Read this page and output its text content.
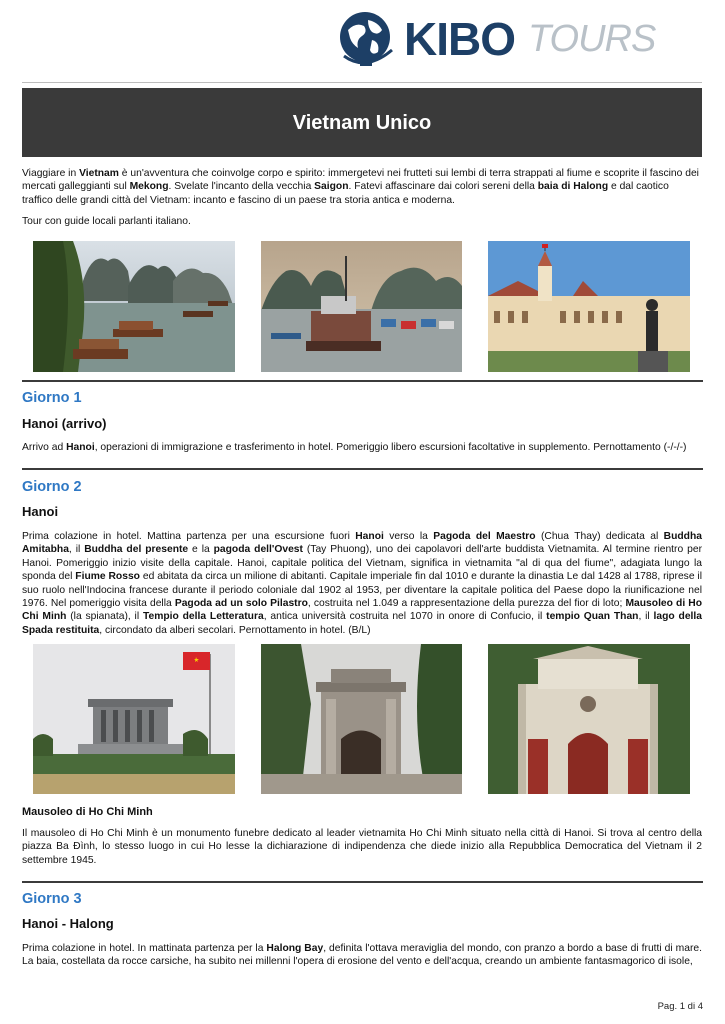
KIBO TOURS
Vietnam Unico

Viaggiare in Vietnam è un'avventura che coinvolge corpo e spirito: immergetevi nei frutteti sui lembi di terra strappati al fiume e scoprite il fascino dei mercati galleggianti sul Mekong. Svelate l'incanto della vecchia Saigon. Fatevi affascinare dai colori sereni della baia di Halong e dal caotico traffico delle grandi città del Vietnam: incanto e fascino di un paese tra storia antica e moderna.

Tour con guide locali parlanti italiano.

Giorno 1
Hanoi (arrivo)

Arrivo ad Hanoi, operazioni di immigrazione e trasferimento in hotel. Pomeriggio libero escursioni facoltative in supplemento. Pernottamento (-/-/-)

Giorno 2
Hanoi

Prima colazione in hotel. Mattina partenza per una escursione fuori Hanoi verso la Pagoda del Maestro (Chua Thay) dedicata al Buddha Amitabha, il Buddha del presente e la pagoda dell'Ovest (Tay Phuong), uno dei capolavori dell'arte buddista Vietnamita. Al termine rientro per Hanoi. Pomeriggio inizio visite della capitale. Hanoi, capitale politica del Vietnam, significa in vietnamita "al di qua del fiume", adagiata lungo la sponda del Fiume Rosso ed abitata da circa un milione di abitanti. Capitale imperiale fin dal 1010 e durante la dinastia Le dal 1428 al 1788, riprese il suo ruolo nell'Indocina francese durante il periodo coloniale dal 1902 al 1953, per diventare la capitale politica del Paese dopo la riunificazione nel 1976. Nel pomeriggio visita della Pagoda ad un solo Pilastro, costruita nel 1.049 a rappresentazione della purezza del fior di loto; Mausoleo di Ho Chi Minh (la spianata), il Tempio della Letteratura, antica università costruita nel 1070 in onore di Confucio, il tempio Quan Than, il lago della Spada restituita, circondato da alberi secolari. Pernottamento in hotel. (B/L)

Mausoleo di Ho Chi Minh

Il mausoleo di Ho Chi Minh è un monumento funebre dedicato al leader vietnamita Ho Chi Minh situato nella città di Hanoi. Si trova al centro della piazza Ba Đình, lo stesso luogo in cui Ho lesse la dichiarazione di indipendenza che diede inizio alla Repubblica Democratica del Vietnam il 2 settembre 1945.

Giorno 3
Hanoi - Halong

Prima colazione in hotel. In mattinata partenza per la Halong Bay, definita l'ottava meraviglia del mondo, con pranzo a bordo a base di frutti di mare. La baia, costellata da rocce carsiche, ha subito nei millenni l'opera di erosione del vento e dell'acqua, creando un ambiente fantasmagorico di isole,

Pag. 1 di 4
